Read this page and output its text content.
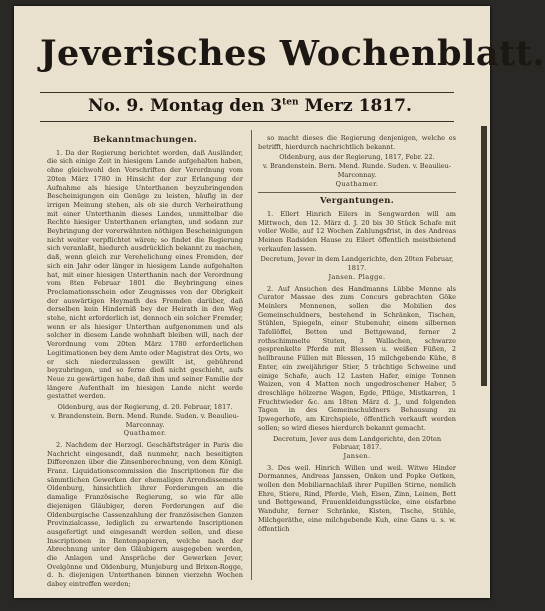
Jeverisches Wochenblatt.
No. 9. Montag den $3^{ten}$ Merz 1817.
Bekanntmachungen.

1. Da der Regierung berichtet worden, daß Ausländer, die sich einige Zeit in hiesigem Lande aufgehalten haben, ohne gleichwohl den Vorschriften der Verordnung vom 20ten März 1780 in Hinsicht der zur Erlangung der Aufnahme als hiesige Unterthanen beyzubringenden Bescheinigungen ein Genüge zu leisten, häufig in der irrigen Meinung stehen, als ob sie durch Verheirathung mit einer Unterthanin dieses Landes, unmittelbar die Rechte hiesiger Unterthanen erlangten, und sodann zur Beybringung der vorerwähnten nöthigen Bescheinigungen nicht weiter verpflichtet wären; so findet die Regierung sich veranlaßt, hiedurch ausdrücklich bekannt zu machen, daß, wenn gleich zur Verehelichung eines Fremden, der sich ein Jahr oder länger in hiesigem Lande aufgehalten hat, mit einer hiesigen Unterthanin nach der Verordnung vom 8ten Februar 1801 die Beybringung eines Proclamationsschein oder Zeugnisses von der Obrigkeit der auswärtigen Heymath des Fremden darüber, daß derselben kein Hinderniß bey der Heirath in den Weg stehe, nicht erforderlich ist, dennoch ein solcher Fremder, wenn er als hiesiger Unterthan aufgenommen und als solcher in diesem Lande wohnhaft bleiben will, nach der Verordnung vom 20ten März 1780 erforderlichen Legitimationen bey dem Amte oder Magistrat des Orts, wo er sich niederzulassen gewillt ist, gebührend beyzubringen, und so ferne dieß nicht geschieht, aufs Neue zu gewärtigen habe, daß ihm und seiner Familie der längere Aufenthalt im hiesigen Lande nicht werde gestattet werden.

Oldenburg, aus der Regierung, d. 20. Februar, 1817.

v. Brandenstein. Bern. Mend. Runde. Suden. v. Beaulieu-Marconnay.

Quathamer.

2. Nachdem der Herzogl. Geschäftsträger in Paris die Nachricht eingesandt, daß nunmehr, nach beseitigten Differenzen über die Zinsenberechnung, von dem Königl. Franz. Liquidationscommission die Inscriptionen für die sämmtlichen Gewerken der ehemaligen Arrondissements Oldenburg, hinsichtlich ihrer Forderungen an die damalige Französische Regierung, so wie für alle diejenigen Gläubiger, deren Forderungen auf die Oldenburgische Cassenzahlung der französischen Ganzen Provinzialcasse, lediglich zu erwartende Inscriptionen ausgefertigt und eingesandt werden sollen, und diese Inscriptionen in Rentenpapieren, welche nach der Abrechnung unter den Gläubigern ausgegeben werden, die Anlagen und Ansprüche der Gewerken Jever, Ovelgönne und Oldenburg, Munjeburg und Brixen-Rogge, d. h. diejenigen Unterthanen binnen vierzehn Wochen dabey eintreffen werden;

so macht dieses die Regierung denjenigen, welche es betrifft, hierdurch nachrichtlich bekannt.

Oldenburg, aus der Regierung, 1817, Febr. 22.

v. Brandenstein. Bern. Mend. Runde. Suden. v. Beaulieu-Marconnay.

Quathamer.

Vergantungen.

1. Ellert Hinrich Eilers in Sengwarden will am Mittwoch, den 12. März d. J. 20 bis 30 Stück Schafe mit voller Wolle, auf 12 Wochen Zahlungsfrist, in des Andreas Meinen Radsiden Hause zu Eilert öffentlich meistbietend verkaufen lassen.

Decretum, Jever in dem Landgerichte, den 20ten Februar, 1817.

Jansen. Plagge.

2. Auf Ansuchen des Handmanns Lübbe Menne als Curator Massae des zum Concurs gebrachten Göke Meinlers Monnenen, sollen die Mobilien des Gemeinschuldners, bestehend in Schränken, Tischen, Stühlen, Spiegeln, einer Stubenuhr, einem silbernen Tafellöffel, Betten und Bettgewand, ferner 2 rothschimmelte Stuten, 3 Wallachen, schwarze gesprenkelte Pferde mit Blessen u. weißen Füßen, 2 hellbraune Füllen mit Blessen, 15 milchgebende Kühe, 8 Enter, ein zweijähriger Stier, 5 trächtige Schweine und einige Schafe, auch 12 Lasten Hafer, einige Tonnen Waizen, von 4 Matten noch ungedroschener Haber, 5 dreschläge hölzerne Wagen, Egde, Pflüge, Mistkarren, 1 Fruchtwieder &c. am 18ten März d. J., und folgenden Tagen in des Gemeinschuldners Behausung zu Ipwegerhofe, am Kirchspiele, öffentlich verkauft werden sollen; so wird dieses hierdurch bekannt gemacht.

Decretum, Jever aus dem Landgerichte, den 20ten Februar, 1817.

Jansen.

3. Des weil. Hinrich Willen und weil. Witwe Hinder Dormannes, Andreas Janssen, Onken und Popke Oetken, wollen den Mobiliarnachlaß ihrer Pupillen Stirne, nemlich Ehre, Stiere, Rind, Pferde, Vieh, Eisen, Zinn, Leinen, Bett und Bettgewand, Frauenkleidungsstücke, eine eisfarbne Wanduhr, ferner Schränke, Kisten, Tische, Stühle, Milchgeräthe, eine milchgebende Kuh, eine Gans u. s. w. öffentlich
